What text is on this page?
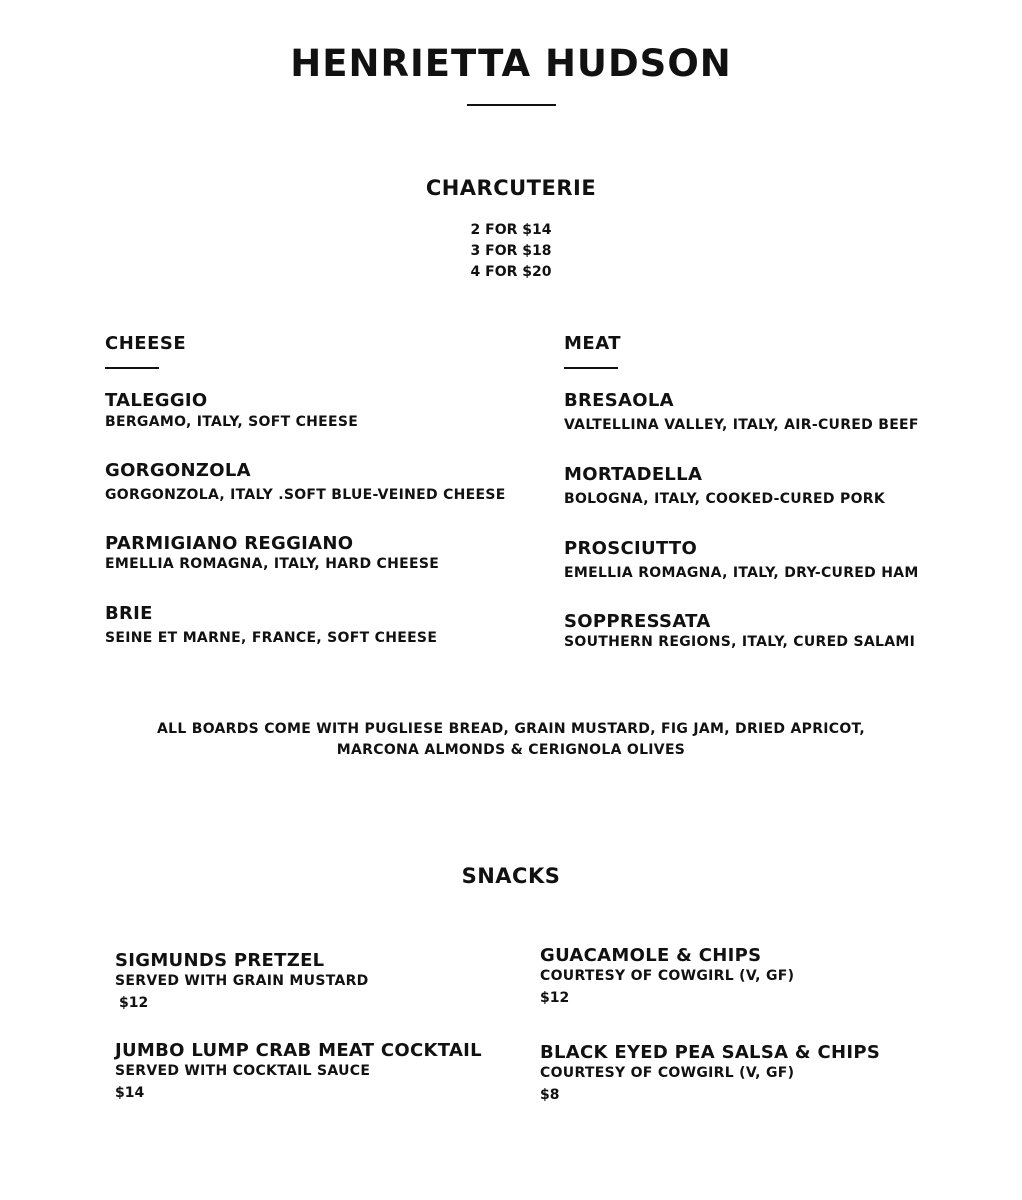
HENRIETTA HUDSON
CHARCUTERIE
2 FOR $14
3 FOR $18
4 FOR $20
CHEESE
TALEGGIO
BERGAMO, ITALY, SOFT CHEESE
GORGONZOLA
GORGONZOLA, ITALY .SOFT BLUE-VEINED CHEESE
PARMIGIANO REGGIANO
EMELLIA ROMAGNA, ITALY, HARD CHEESE
BRIE
SEINE ET MARNE, FRANCE, SOFT CHEESE
MEAT
BRESAOLA
VALTELLINA VALLEY, ITALY, AIR-CURED BEEF
MORTADELLA
BOLOGNA, ITALY, COOKED-CURED PORK
PROSCIUTTO
EMELLIA ROMAGNA, ITALY, DRY-CURED HAM
SOPPRESSATA
SOUTHERN REGIONS, ITALY, CURED SALAMI
ALL BOARDS COME WITH PUGLIESE BREAD, GRAIN MUSTARD, FIG JAM, DRIED APRICOT,
MARCONA ALMONDS & CERIGNOLA OLIVES
SNACKS
SIGMUNDS PRETZEL
SERVED WITH GRAIN MUSTARD
$12
GUACAMOLE & CHIPS
COURTESY OF COWGIRL (V, GF)
$12
JUMBO LUMP CRAB MEAT COCKTAIL
SERVED WITH COCKTAIL SAUCE
$14
BLACK EYED PEA SALSA & CHIPS
COURTESY OF COWGIRL (V, GF)
$8
